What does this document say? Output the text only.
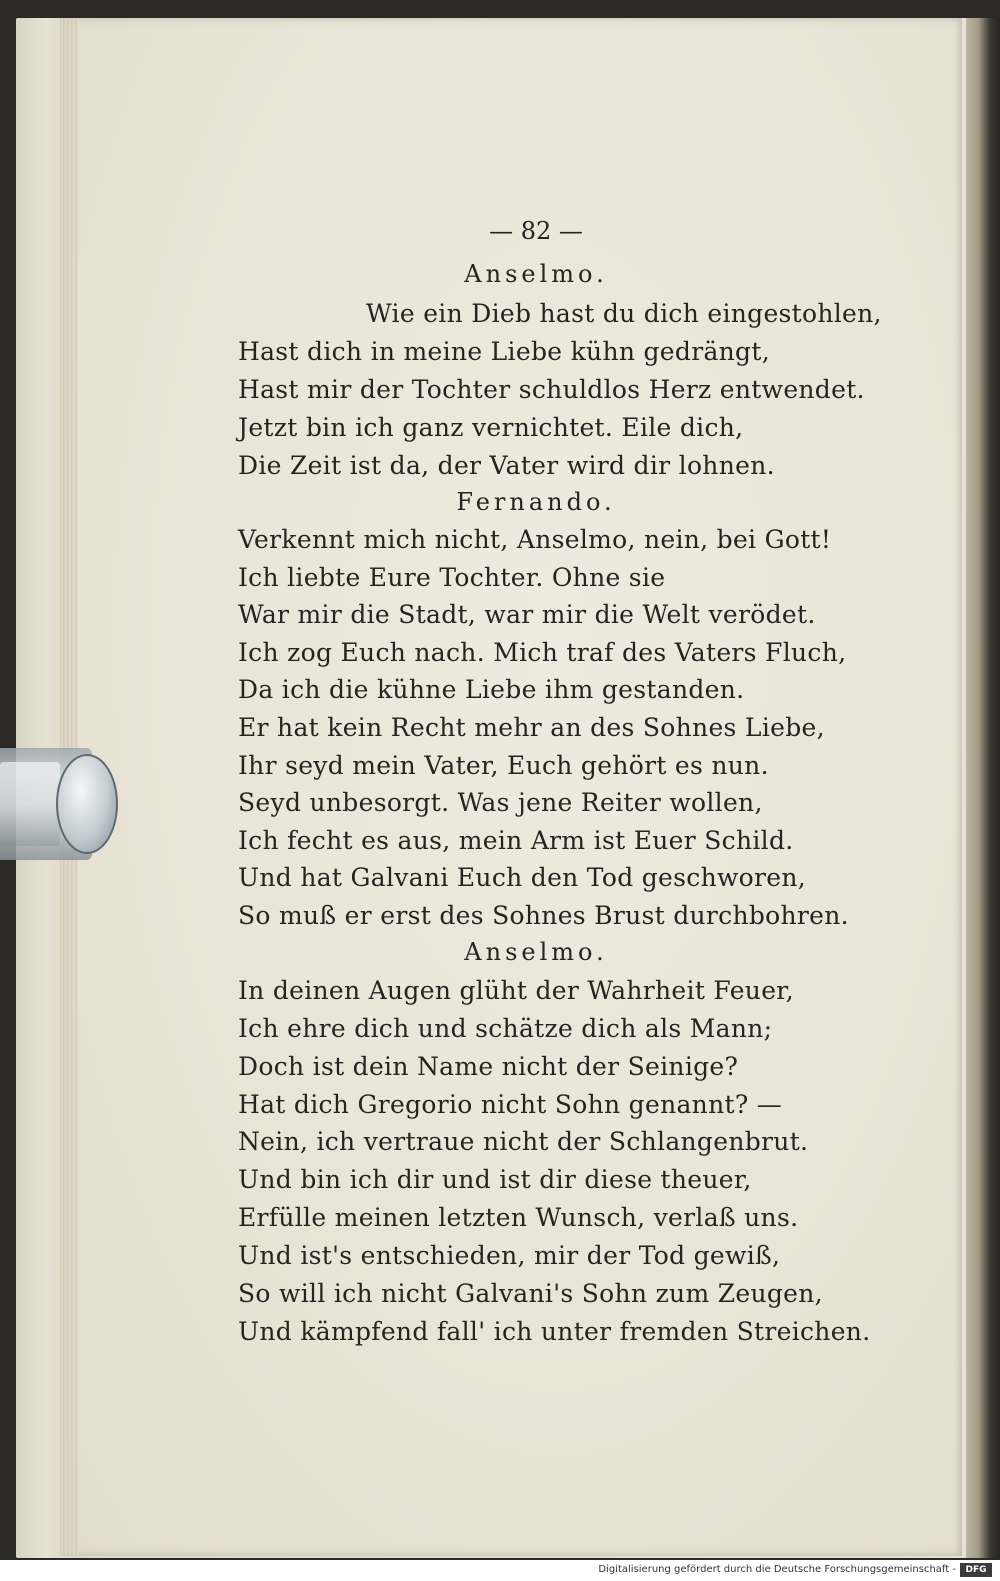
— 82 —
Anselmo.
Wie ein Dieb hast du dich eingestohlen,
Hast dich in meine Liebe kühn gedrängt,
Hast mir der Tochter schuldlos Herz entwendet.
Jetzt bin ich ganz vernichtet. Eile dich,
Die Zeit ist da, der Vater wird dir lohnen.
Fernando.
Verkennt mich nicht, Anselmo, nein, bei Gott!
Ich liebte Eure Tochter. Ohne sie
War mir die Stadt, war mir die Welt verödet.
Ich zog Euch nach. Mich traf des Vaters Fluch,
Da ich die kühne Liebe ihm gestanden.
Er hat kein Recht mehr an des Sohnes Liebe,
Ihr seyd mein Vater, Euch gehört es nun.
Seyd unbesorgt. Was jene Reiter wollen,
Ich fecht es aus, mein Arm ist Euer Schild.
Und hat Galvani Euch den Tod geschworen,
So muß er erst des Sohnes Brust durchbohren.
Anselmo.
In deinen Augen glüht der Wahrheit Feuer,
Ich ehre dich und schätze dich als Mann;
Doch ist dein Name nicht der Seinige?
Hat dich Gregorio nicht Sohn genannt? —
Nein, ich vertraue nicht der Schlangenbrut.
Und bin ich dir und ist dir diese theuer,
Erfülle meinen letzten Wunsch, verlaß uns.
Und ist's entschieden, mir der Tod gewiß,
So will ich nicht Galvani's Sohn zum Zeugen,
Und kämpfend fall' ich unter fremden Streichen.
Digitalisierung gefördert durch die Deutsche Forschungsgemeinschaft -	DFG
